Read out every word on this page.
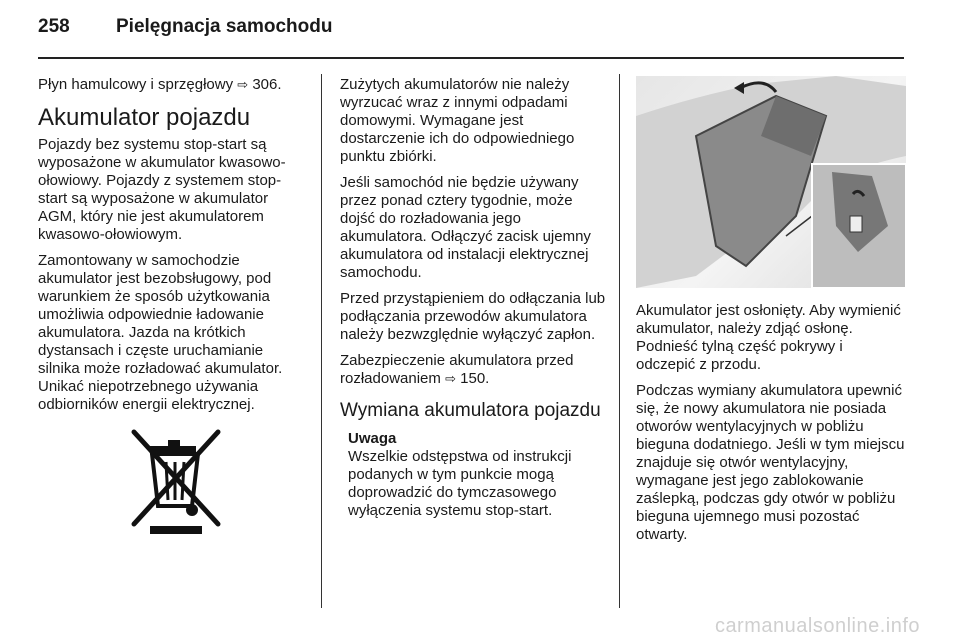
258 Pielęgnacja samochodu

Płyn hamulcowy i sprzęgłowy ⇨ 306.

Akumulator pojazdu

Pojazdy bez systemu stop-start są wyposażone w akumulator kwasowo-ołowiowy. Pojazdy z systemem stop-start są wyposażone w akumulator AGM, który nie jest akumulatorem kwasowo-ołowiowym.

Zamontowany w samochodzie akumulator jest bezobsługowy, pod warunkiem że sposób użytkowania umożliwia odpowiednie ładowanie akumulatora. Jazda na krótkich dystansach i częste uruchamianie silnika może rozładować akumulator. Unikać niepotrzebnego używania odbiorników energii elektrycznej.

Zużytych akumulatorów nie należy wyrzucać wraz z innymi odpadami domowymi. Wymagane jest dostarczenie ich do odpowiedniego punktu zbiórki.

Jeśli samochód nie będzie używany przez ponad cztery tygodnie, może dojść do rozładowania jego akumulatora. Odłączyć zacisk ujemny akumulatora od instalacji elektrycznej samochodu.

Przed przystąpieniem do odłączania lub podłączania przewodów akumulatora należy bezwzględnie wyłączyć zapłon.

Zabezpieczenie akumulatora przed rozładowaniem ⇨ 150.

Wymiana akumulatora pojazdu
Uwaga
Wszelkie odstępstwa od instrukcji podanych w tym punkcie mogą doprowadzić do tymczasowego wyłączenia systemu stop-start.

Akumulator jest osłonięty. Aby wymienić akumulator, należy zdjąć osłonę. Podnieść tylną część pokrywy i odczepić z przodu.

Podczas wymiany akumulatora upewnić się, że nowy akumulatora nie posiada otworów wentylacyjnych w pobliżu bieguna dodatniego. Jeśli w tym miejscu znajduje się otwór wentylacyjny, wymagane jest jego zablokowanie zaślepką, podczas gdy otwór w pobliżu bieguna ujemnego musi pozostać otwarty.

carmanualsonline.info
